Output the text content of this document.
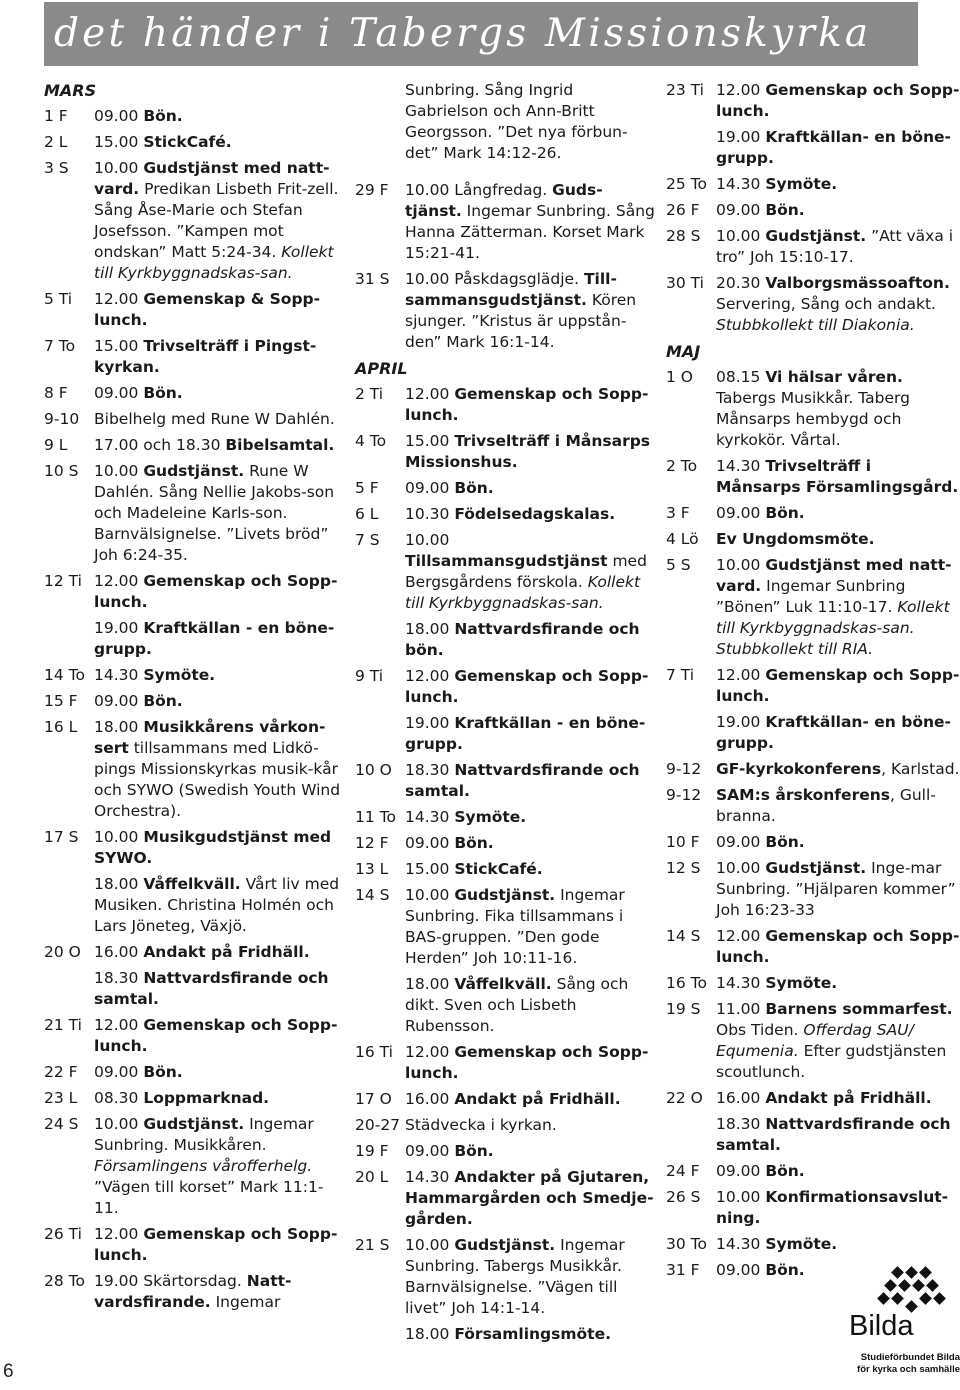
det händer i Tabergs Missionskyrka
MARS
1 F	09.00 Bön.
2 L	15.00 StickCafé.
3 S	10.00 Gudstjänst med natt-vard. Predikan Lisbeth Frit-zell. Sång Åse-Marie och Stefan Josefsson. ”Kampen mot ondskan” Matt 5:24-34. Kollekt till Kyrkbyggnadskas-san.
5 Ti	12.00 Gemenskap & Sopp-lunch.
7 To	15.00 Trivselträff i Pingst-kyrkan.
8 F	09.00 Bön.
9-10 Bibelhelg med Rune W Dahlén.
9 L	17.00 och 18.30 Bibelsamtal.
10 S	10.00 Gudstjänst. Rune W Dahlén. Sång Nellie Jakobs-son och Madeleine Karls-son. Barnvälsignelse. ”Livets bröd” Joh 6:24-35.
12 Ti 12.00 Gemenskap och Sopp-lunch.
19.00 Kraftkällan - en böne-grupp.
14 To 14.30 Symöte.
15 F	09.00 Bön.
16 L	18.00 Musikkårens vårkon-sert tillsammans med Lidkö-pings Missionskyrkas musik-kår och SYWO (Swedish Youth Wind Orchestra).
17 S	10.00 Musikgudstjänst med SYWO.
18.00 Våffelkväll. Vårt liv med Musiken. Christina Holmén och Lars Jöneteg, Växjö.
20 O 16.00 Andakt på Fridhäll.
18.30 Nattvardsfirande och samtal.
21 Ti 12.00 Gemenskap och Sopp-lunch.
22 F	09.00 Bön.
23 L	08.30 Loppmarknad.
24 S	10.00 Gudstjänst. Ingemar Sunbring. Musikkåren. Församlingens vårofferhelg. ”Vägen till korset” Mark 11:1-11.
26 Ti 12.00 Gemenskap och Sopp-lunch.
28 To 19.00 Skärtorsdag. Natt-vardsfirande. Ingemar
Sunbring. Sång Ingrid Gabrielson och Ann-Britt Georgsson. ”Det nya förbun-det” Mark 14:12-26.
29 F	10.00 Långfredag. Guds-tjänst. Ingemar Sunbring. Sång Hanna Zätterman. Korset Mark 15:21-41.
31 S	10.00 Påskdagsglädje. Till-sammansgudstjänst. Kören sjunger. ”Kristus är uppstån-den” Mark 16:1-14.
APRIL
2 Ti	12.00 Gemenskap och Sopp-lunch.
4 To	15.00 Trivselträff i Månsarps Missionshus.
5 F	09.00 Bön.
6 L	10.30 Födelsedagskalas.
7 S	10.00 Tillsammansgudstjänst med Bergsgårdens förskola. Kollekt till Kyrkbyggnadskas-san.
18.00 Nattvardsfirande och bön.
9 Ti	12.00 Gemenskap och Sopp-lunch.
19.00 Kraftkällan - en böne-grupp.
10 O 18.30 Nattvardsfirande och samtal.
11 To 14.30 Symöte.
12 F	09.00 Bön.
13 L	15.00 StickCafé.
14 S	10.00 Gudstjänst. Ingemar Sunbring. Fika tillsammans i BAS-gruppen. ”Den gode Herden” Joh 10:11-16.
18.00 Våffelkväll. Sång och dikt. Sven och Lisbeth Rubensson.
16 Ti 12.00 Gemenskap och Sopp-lunch.
17 O 16.00 Andakt på Fridhäll.
20-27 Städvecka i kyrkan.
19 F	09.00 Bön.
20 L	14.30 Andakter på Gjutaren, Hammargården och Smedje-gården.
21 S	10.00 Gudstjänst. Ingemar Sunbring. Tabergs Musikkår. Barnvälsignelse. ”Vägen till livet” Joh 14:1-14.
18.00 Församlingsmöte.
23 Ti 12.00 Gemenskap och Sopp-lunch.
19.00 Kraftkällan- en böne-grupp.
25 To 14.30 Symöte.
26 F	09.00 Bön.
28 S	10.00 Gudstjänst. ”Att växa i tro” Joh 15:10-17.
30 Ti 20.30 Valborgsmässoafton. Servering, Sång och andakt. Stubbkollekt till Diakonia.
MAJ
1 O	08.15 Vi hälsar våren. Tabergs Musikkår. Taberg Månsarps hembygd och kyrkokör. Vårtal.
2 To	14.30 Trivselträff i Månsarps Församlingsgård.
3 F	09.00 Bön.
4 Lö	Ev Ungdomsmöte.
5 S	10.00 Gudstjänst med natt-vard. Ingemar Sunbring ”Bönen” Luk 11:10-17. Kollekt till Kyrkbyggnadskas-san. Stubbkollekt till RIA.
7 Ti	12.00 Gemenskap och Sopp-lunch.
19.00 Kraftkällan- en böne-grupp.
9-12 GF-kyrkokonferens, Karlstad.
9-12 SAM:s årskonferens, Gull-branna.
10 F	09.00 Bön.
12 S	10.00 Gudstjänst. Inge-mar Sunbring. ”Hjälparen kommer” Joh 16:23-33
14 S	12.00 Gemenskap och Sopp-lunch.
16 To 14.30 Symöte.
19 S	11.00 Barnens sommarfest. Obs Tiden. Offerdag SAU/ Equmenia. Efter gudstjänsten scoutlunch.
22 O 16.00 Andakt på Fridhäll.
18.30 Nattvardsfirande och samtal.
24 F	09.00 Bön.
26 S	10.00 Konfirmationsavslut-ning.
30 To 14.30 Symöte.
31 F	09.00 Bön.
6
Bilda
Studieförbundet Bilda
för kyrka och samhälle
